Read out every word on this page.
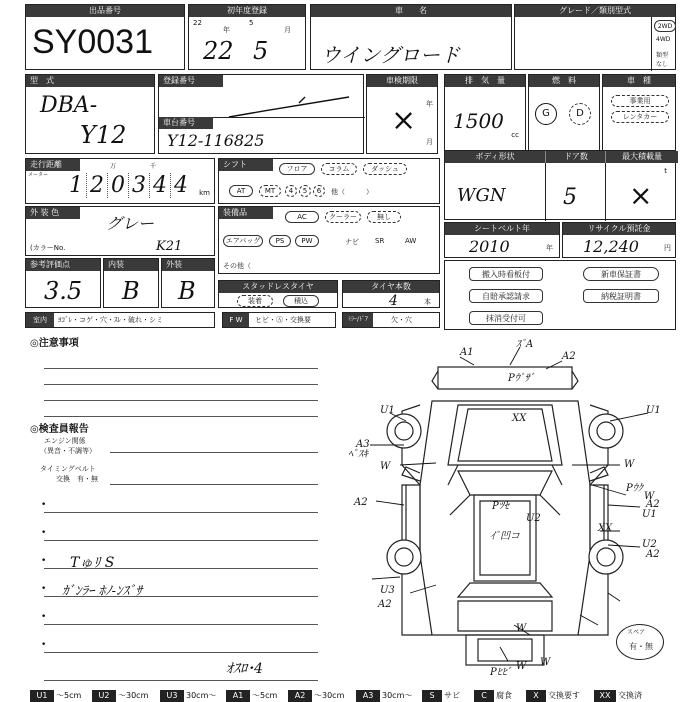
出品番号
SY0031
初年度登録
22
年
5
月
22 5
車　　名
ウイングロード
グレード／類別型式
2WD
4WD
類型
なし
型　式
DBA-
Y12
登録番号
車台番号
Y12-116825
車検期限
年
月
×
排　気　量
1500
cc
燃　料
G	D
車　種
事業用
レンタカー
走行距離
メーター
万	千
1 2 0 3 4 4	km
シフト	フロア	コラム	ダッシュ
AT	MT	4	5	6	他（　　　）
ボディ形状	ドア数	最大積載量
WGN	5
t
×
外 装 色
グレー
(カラーNo.	K21
装備品	AC	クーラー	無し
エアバッグ	PS	PW	ナビ SR	AW
その他（
シートベルト年
2010	年
リサイクル預託金
12,240	円
参考評価点
3.5
内装
B
外装
B	スタッドレスタイヤ
装着	積込
タイヤ本数
4	本
搬入時看板付	新車保証書
自賠承認請求	納税証明書
抹消受付可
室内	ﾖｺﾞﾚ・コゲ・穴・ｽﾚ・破れ・シミ	F W	ヒビ・Ⓐ・交換要	ﾐﾗｰ/ﾄﾞｱ	欠・穴
◎注意事項
◎検査員報告
エンジン関係
（異音・不調等）
タイミングベルト
交換　有・無
•
•
• Tゅﾘ S
• ｶﾞﾝﾗｰ ﾎﾉ-ﾝｽﾞｻ
•
•
ｵｽﾛ･4
A1
ｽﾞA
A2
Pｳﾞｻﾞ
XX
U1	U1
A3
ﾍﾟｽｷ
W	W
Pｳｸ
A2	A2
U1
W
Pﾂｾ
U2
ｲﾞ凹コ
XX
U2
A2
U3
A2
W
W W
Pﾋﾋﾞ
スペア
有・無
U1	～5cm	U2	～30cm	U3	30cm～	A1	～5cm	A2	～30cm	A3	30cm～	S	サビ	C	腐食	X	交換要す	XX 交換済
